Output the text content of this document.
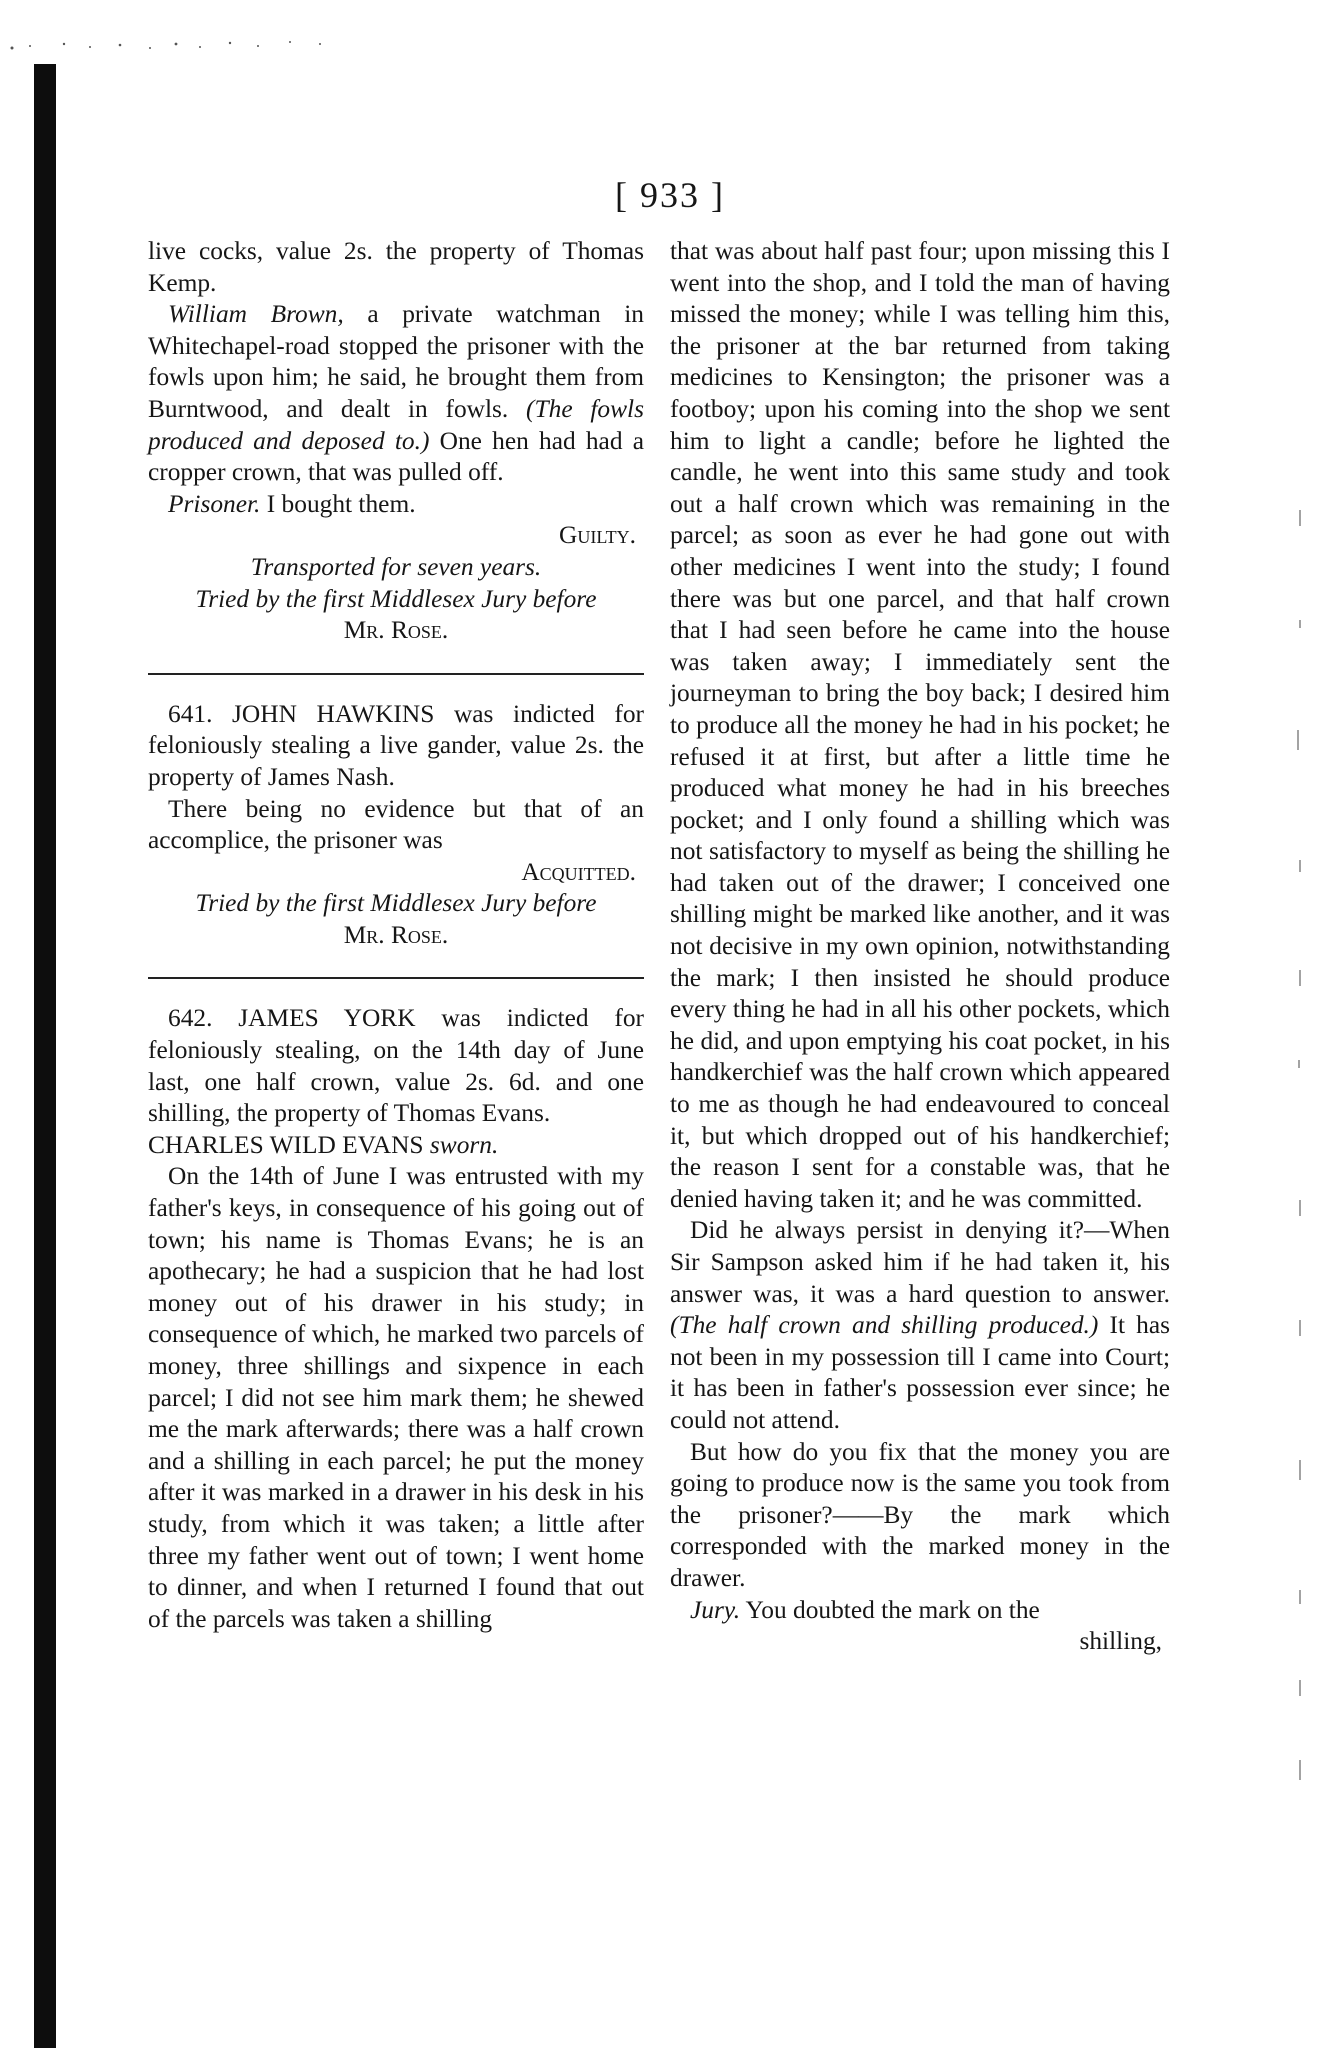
[ 933 ]

live cocks, value 2s. the property of Thomas Kemp.

William Brown, a private watchman in Whitechapel-road stopped the prisoner with the fowls upon him; he said, he brought them from Burntwood, and dealt in fowls. (The fowls produced and deposed to.) One hen had had a cropper crown, that was pulled off.

Prisoner. I bought them.

Guilty.

Transported for seven years.

Tried by the first Middlesex Jury before

Mr. Rose.

641. JOHN HAWKINS was indicted for feloniously stealing a live gander, value 2s. the property of James Nash.

There being no evidence but that of an accomplice, the prisoner was

Acquitted.

Tried by the first Middlesex Jury before

Mr. Rose.

642. JAMES YORK was indicted for feloniously stealing, on the 14th day of June last, one half crown, value 2s. 6d. and one shilling, the property of Thomas Evans.

CHARLES WILD EVANS sworn.

On the 14th of June I was entrusted with my father's keys, in consequence of his going out of town; his name is Thomas Evans; he is an apothecary; he had a suspicion that he had lost money out of his drawer in his study; in consequence of which, he marked two parcels of money, three shillings and sixpence in each parcel; I did not see him mark them; he shewed me the mark afterwards; there was a half crown and a shilling in each parcel; he put the money after it was marked in a drawer in his desk in his study, from which it was taken; a little after three my father went out of town; I went home to dinner, and when I returned I found that out of the parcels was taken a shilling

that was about half past four; upon missing this I went into the shop, and I told the man of having missed the money; while I was telling him this, the prisoner at the bar returned from taking medicines to Kensington; the prisoner was a footboy; upon his coming into the shop we sent him to light a candle; before he lighted the candle, he went into this same study and took out a half crown which was remaining in the parcel; as soon as ever he had gone out with other medicines I went into the study; I found there was but one parcel, and that half crown that I had seen before he came into the house was taken away; I immediately sent the journeyman to bring the boy back; I desired him to produce all the money he had in his pocket; he refused it at first, but after a little time he produced what money he had in his breeches pocket; and I only found a shilling which was not satisfactory to myself as being the shilling he had taken out of the drawer; I conceived one shilling might be marked like another, and it was not decisive in my own opinion, notwithstanding the mark; I then insisted he should produce every thing he had in all his other pockets, which he did, and upon emptying his coat pocket, in his handkerchief was the half crown which appeared to me as though he had endeavoured to conceal it, but which dropped out of his handkerchief; the reason I sent for a constable was, that he denied having taken it; and he was committed.

Did he always persist in denying it?—When Sir Sampson asked him if he had taken it, his answer was, it was a hard question to answer. (The half crown and shilling produced.) It has not been in my possession till I came into Court; it has been in father's possession ever since; he could not attend.

But how do you fix that the money you are going to produce now is the same you took from the prisoner?——By the mark which corresponded with the marked money in the drawer.

Jury. You doubted the mark on the

shilling,
